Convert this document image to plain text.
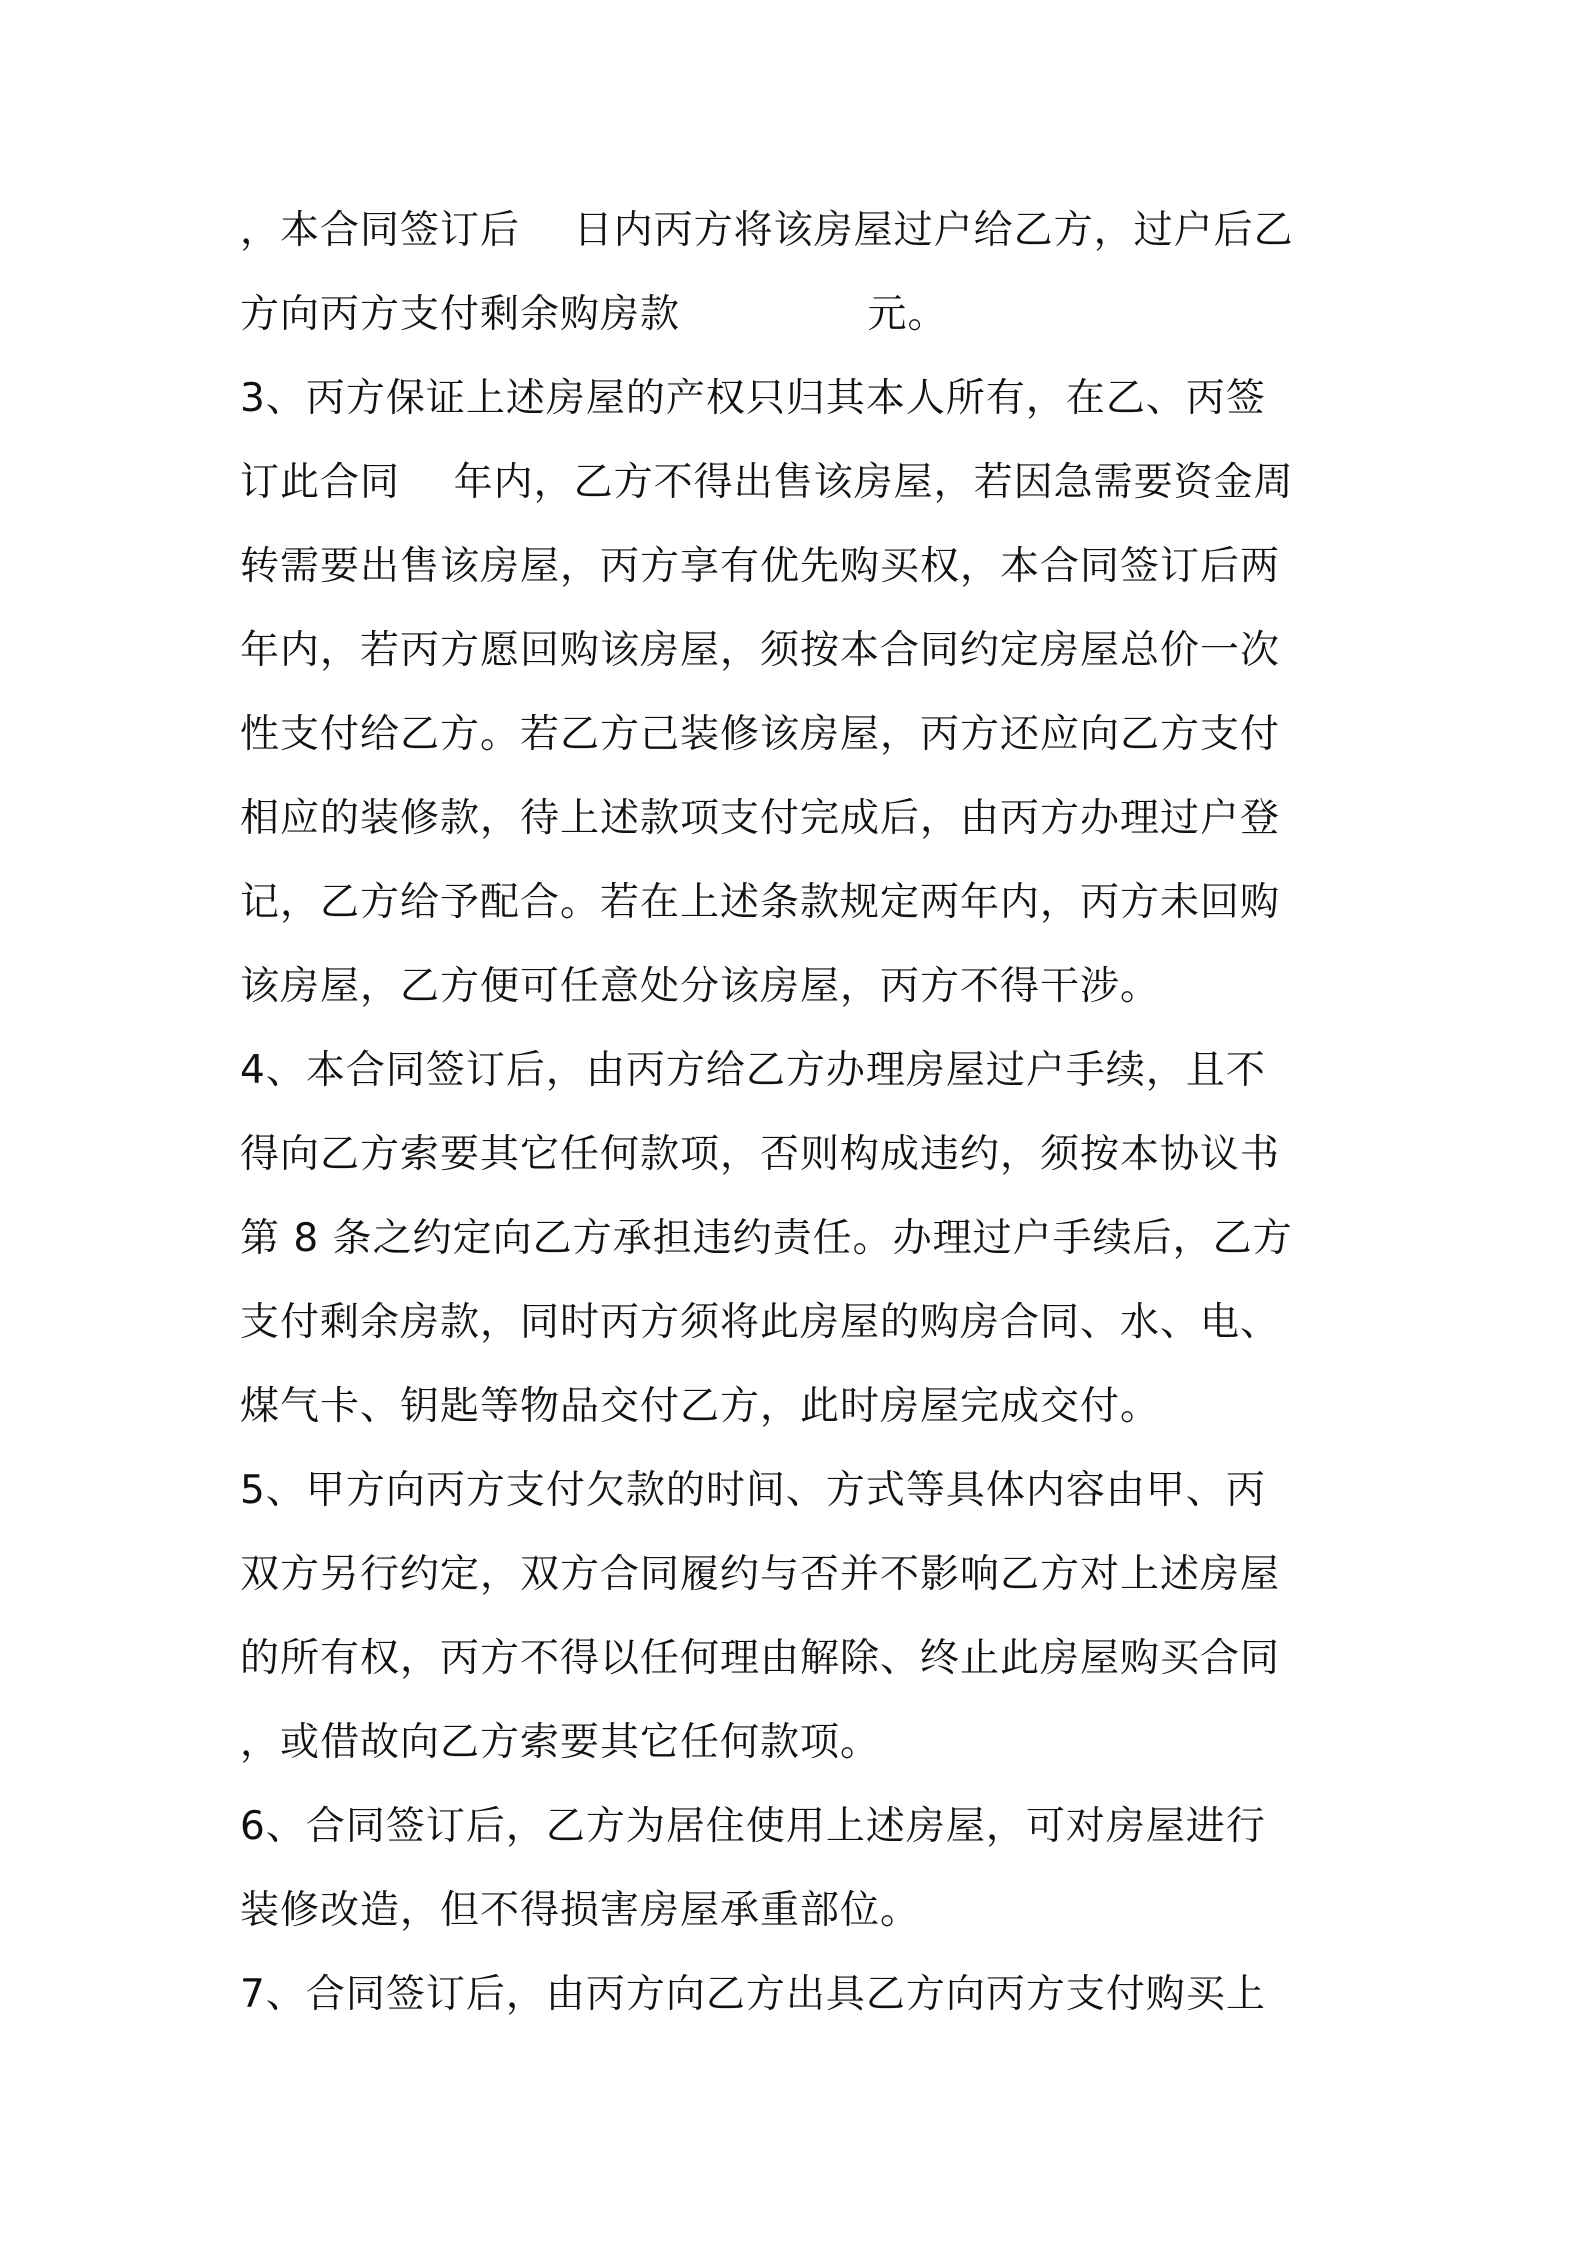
，本合同签订后    日内丙方将该房屋过户给乙方，过户后乙
方向丙方支付剩余购房款              元。
3、丙方保证上述房屋的产权只归其本人所有，在乙、丙签
订此合同    年内，乙方不得出售该房屋，若因急需要资金周
转需要出售该房屋，丙方享有优先购买权，本合同签订后两
年内，若丙方愿回购该房屋，须按本合同约定房屋总价一次
性支付给乙方。若乙方己装修该房屋，丙方还应向乙方支付
相应的装修款，待上述款项支付完成后，由丙方办理过户登
记，乙方给予配合。若在上述条款规定两年内，丙方未回购
该房屋，乙方便可任意处分该房屋，丙方不得干涉。
4、本合同签订后，由丙方给乙方办理房屋过户手续，且不
得向乙方索要其它任何款项，否则构成违约，须按本协议书
第 8 条之约定向乙方承担违约责任。办理过户手续后，乙方
支付剩余房款，同时丙方须将此房屋的购房合同、水、电、
煤气卡、钥匙等物品交付乙方，此时房屋完成交付。
5、甲方向丙方支付欠款的时间、方式等具体内容由甲、丙
双方另行约定，双方合同履约与否并不影响乙方对上述房屋
的所有权，丙方不得以任何理由解除、终止此房屋购买合同
，或借故向乙方索要其它任何款项。
6、合同签订后，乙方为居住使用上述房屋，可对房屋进行
装修改造，但不得损害房屋承重部位。
7、合同签订后，由丙方向乙方出具乙方向丙方支付购买上
